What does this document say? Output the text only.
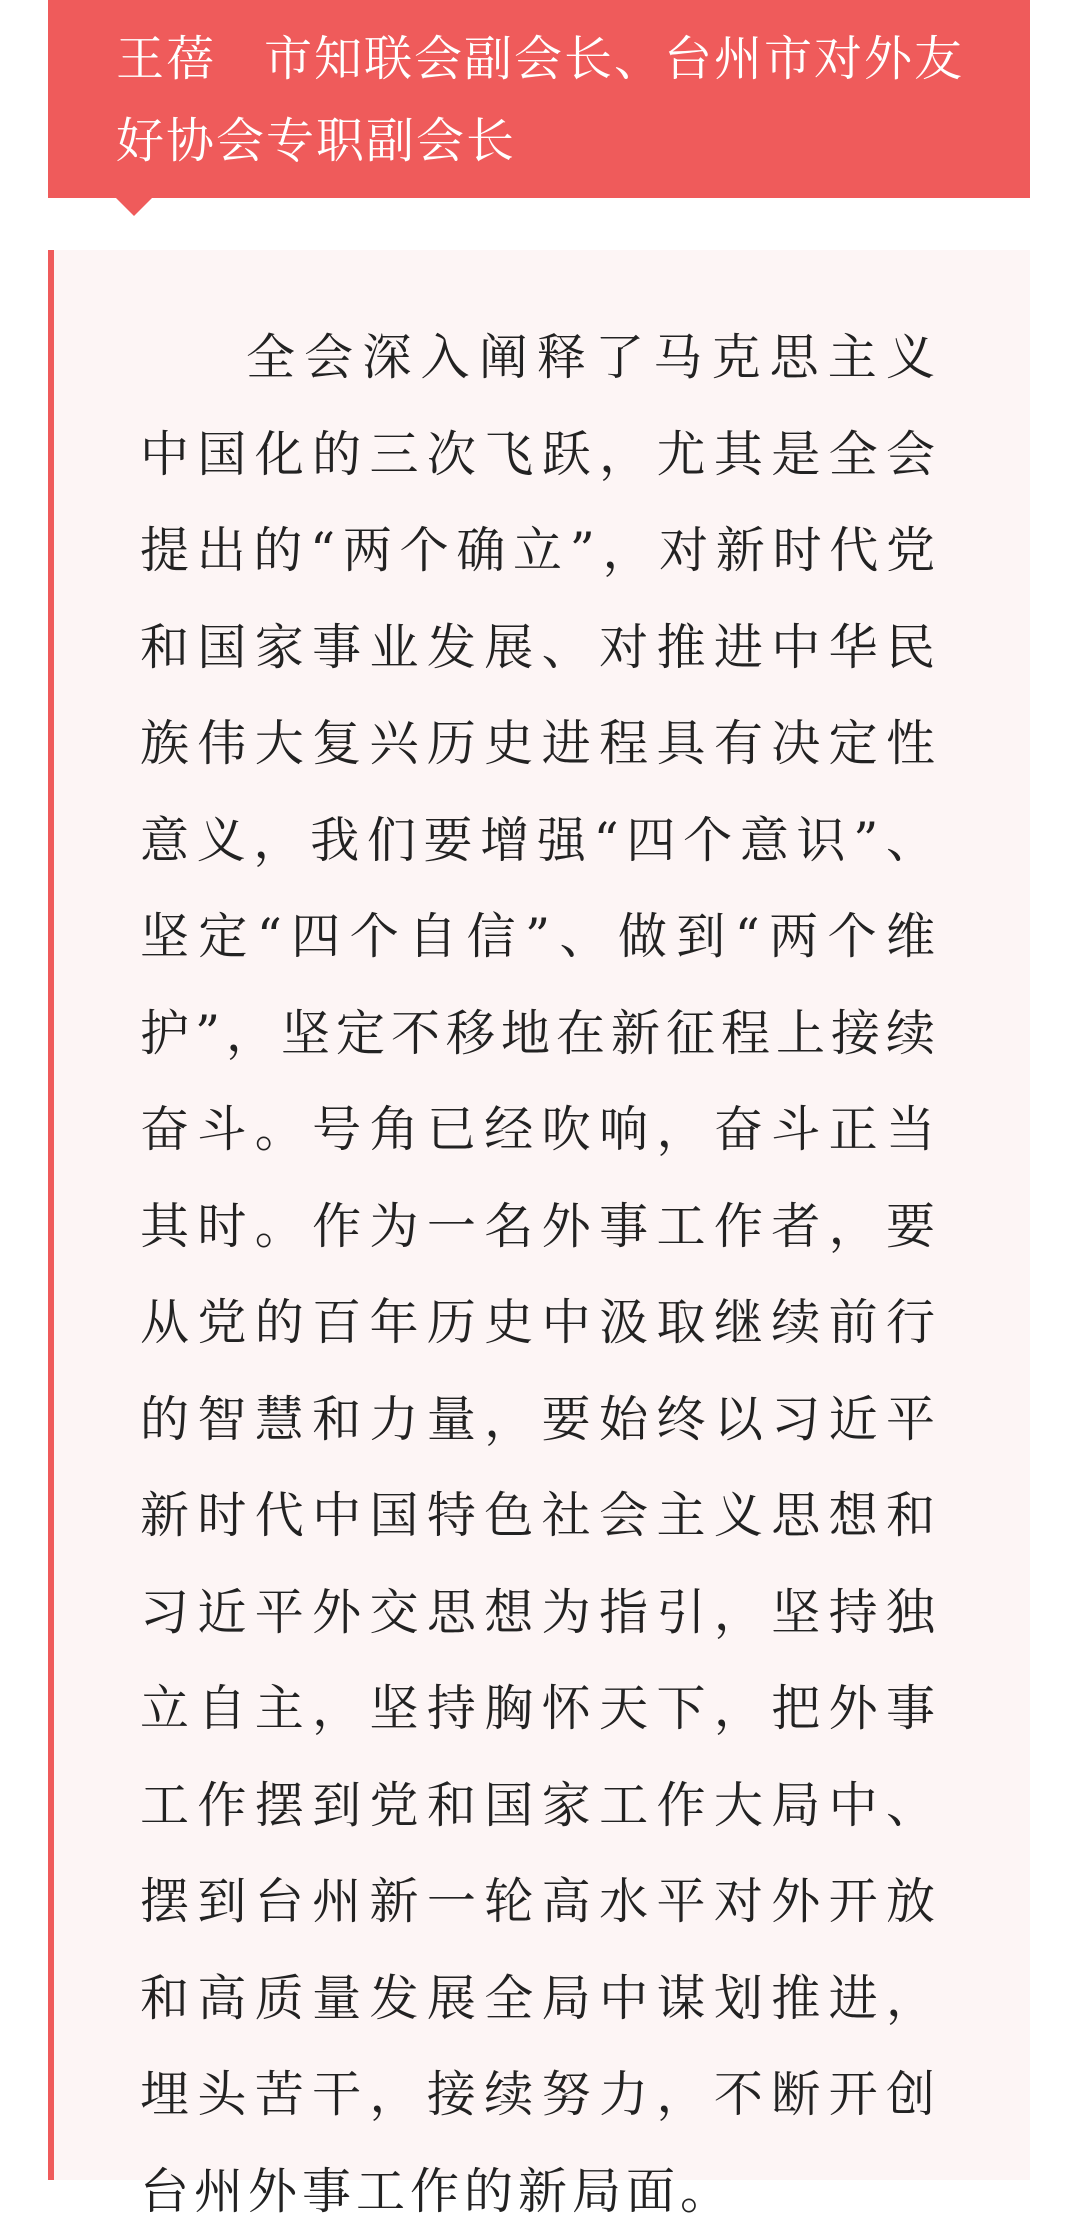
王蓓 市知联会副会长、台州市对外友好协会专职副会长

全会深入阐释了马克思主义中国化的三次飞跃，尤其是全会提出的“两个确立”，对新时代党和国家事业发展、对推进中华民族伟大复兴历史进程具有决定性意义，我们要增强“四个意识”、坚定“四个自信”、做到“两个维护”，坚定不移地在新征程上接续奋斗。号角已经吹响，奋斗正当其时。作为一名外事工作者，要从党的百年历史中汲取继续前行的智慧和力量，要始终以习近平新时代中国特色社会主义思想和习近平外交思想为指引，坚持独立自主，坚持胸怀天下，把外事工作摆到党和国家工作大局中、摆到台州新一轮高水平对外开放和高质量发展全局中谋划推进，埋头苦干，接续努力，不断开创台州外事工作的新局面。
